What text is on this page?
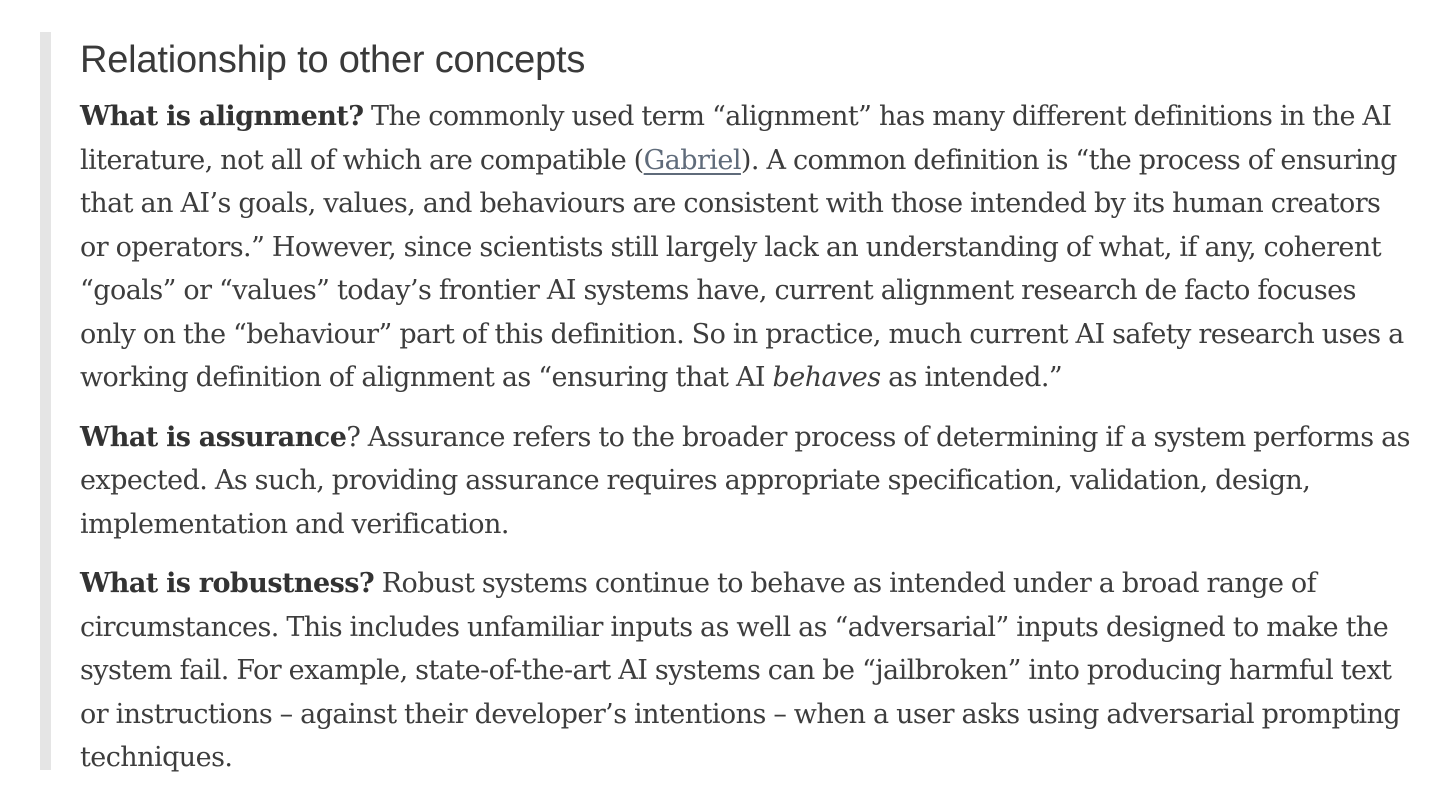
Relationship to other concepts

What is alignment? The commonly used term “alignment” has many different definitions in the AI literature, not all of which are compatible (Gabriel). A common definition is “the process of ensuring that an AI’s goals, values, and behaviours are consistent with those intended by its human creators or operators.” However, since scientists still largely lack an understanding of what, if any, coherent “goals” or “values” today’s frontier AI systems have, current alignment research de facto focuses only on the “behaviour” part of this definition. So in practice, much current AI safety research uses a working definition of alignment as “ensuring that AI behaves as intended.”

What is assurance? Assurance refers to the broader process of determining if a system performs as expected. As such, providing assurance requires appropriate specification, validation, design, implementation and verification.

What is robustness? Robust systems continue to behave as intended under a broad range of circumstances. This includes unfamiliar inputs as well as “adversarial” inputs designed to make the system fail. For example, state-of-the-art AI systems can be “jailbroken” into producing harmful text or instructions – against their developer’s intentions – when a user asks using adversarial prompting techniques.
